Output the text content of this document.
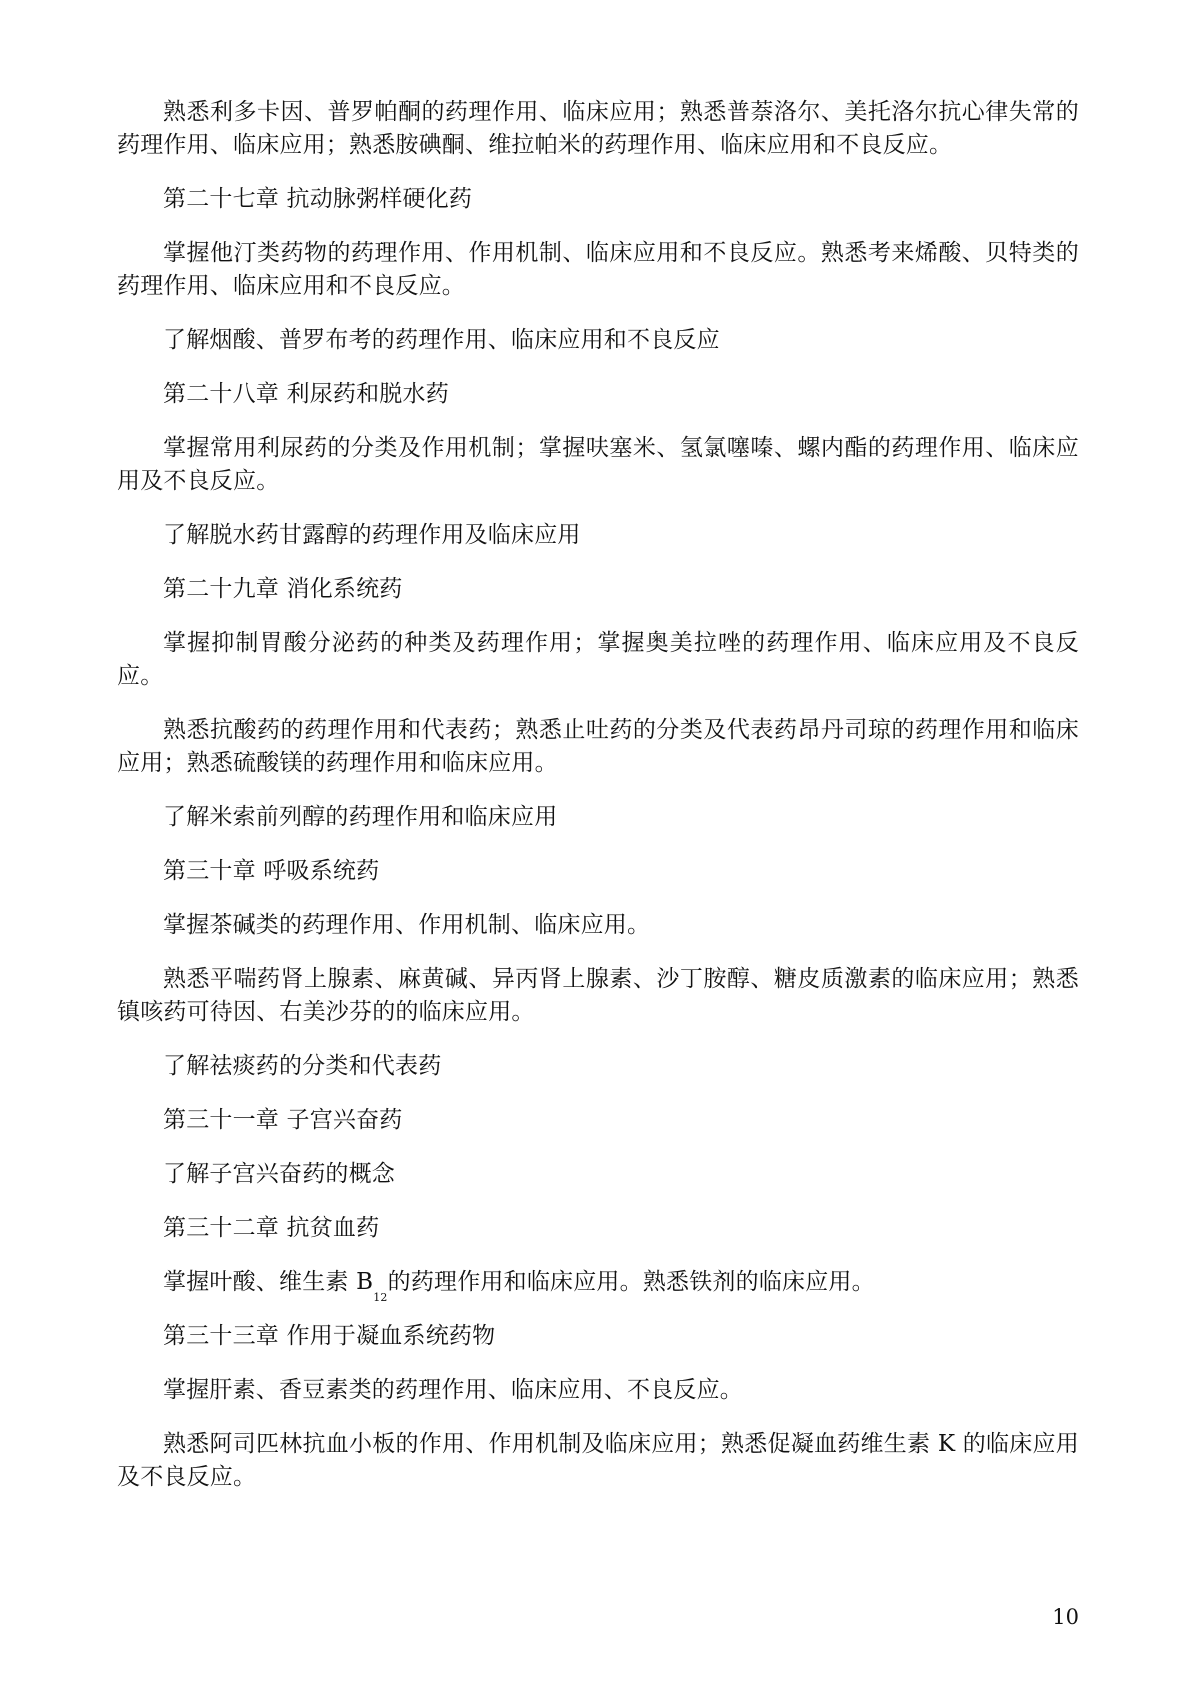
熟悉利多卡因、普罗帕酮的药理作用、临床应用；熟悉普萘洛尔、美托洛尔抗心律失常的药理作用、临床应用；熟悉胺碘酮、维拉帕米的药理作用、临床应用和不良反应。

第二十七章 抗动脉粥样硬化药

掌握他汀类药物的药理作用、作用机制、临床应用和不良反应。熟悉考来烯酸、贝特类的药理作用、临床应用和不良反应。

了解烟酸、普罗布考的药理作用、临床应用和不良反应

第二十八章 利尿药和脱水药

掌握常用利尿药的分类及作用机制；掌握呋塞米、氢氯噻嗪、螺内酯的药理作用、临床应用及不良反应。

了解脱水药甘露醇的药理作用及临床应用

第二十九章 消化系统药

掌握抑制胃酸分泌药的种类及药理作用；掌握奥美拉唑的药理作用、临床应用及不良反应。

熟悉抗酸药的药理作用和代表药；熟悉止吐药的分类及代表药昂丹司琼的药理作用和临床应用；熟悉硫酸镁的药理作用和临床应用。

了解米索前列醇的药理作用和临床应用

第三十章 呼吸系统药

掌握茶碱类的药理作用、作用机制、临床应用。

熟悉平喘药肾上腺素、麻黄碱、异丙肾上腺素、沙丁胺醇、糖皮质激素的临床应用；熟悉镇咳药可待因、右美沙芬的的临床应用。

了解祛痰药的分类和代表药

第三十一章 子宫兴奋药

了解子宫兴奋药的概念

第三十二章 抗贫血药

掌握叶酸、维生素 $B_{12}$的药理作用和临床应用。熟悉铁剂的临床应用。

第三十三章 作用于凝血系统药物

掌握肝素、香豆素类的药理作用、临床应用、不良反应。

熟悉阿司匹林抗血小板的作用、作用机制及临床应用；熟悉促凝血药维生素 K 的临床应用及不良反应。

10
